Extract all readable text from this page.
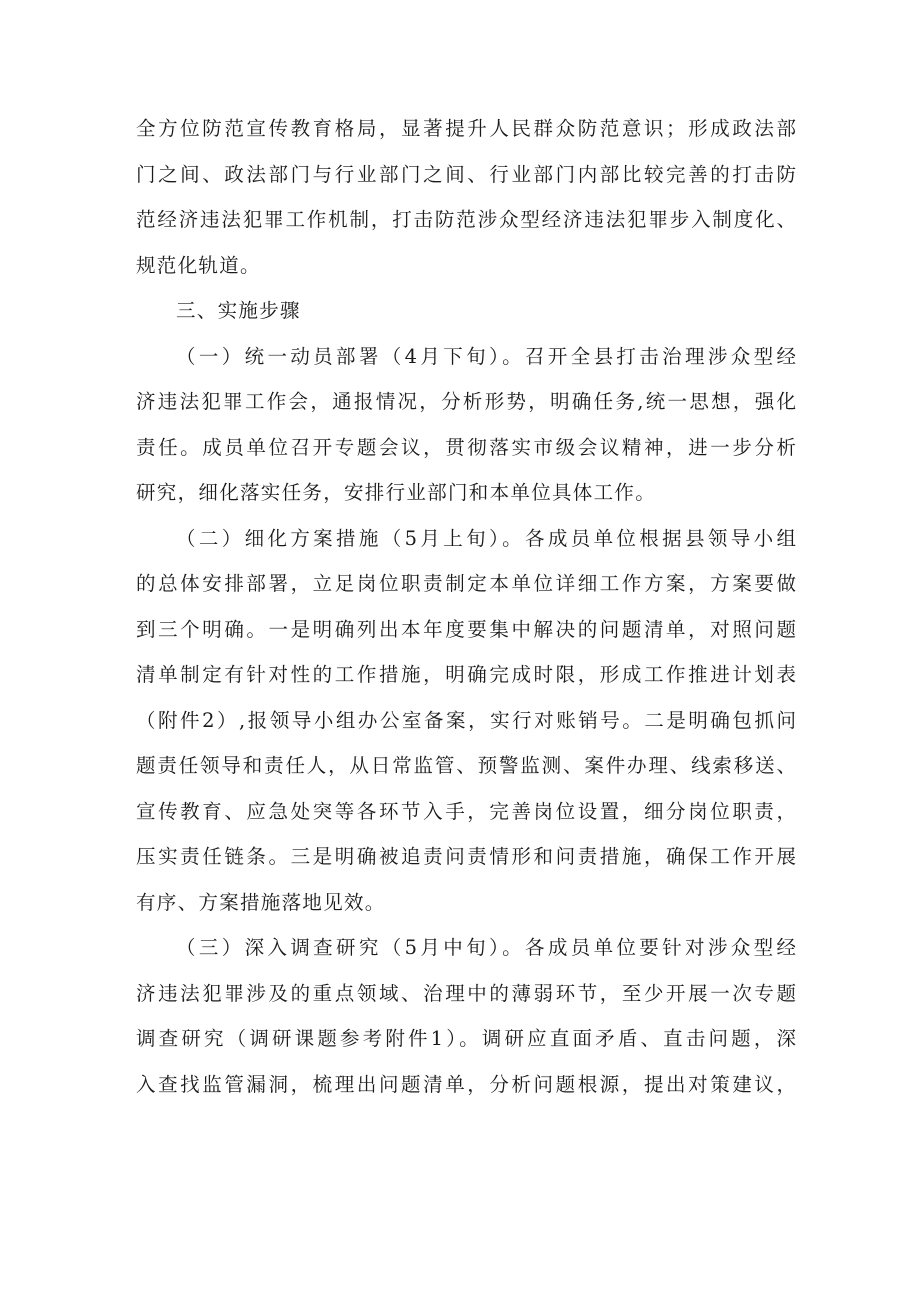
全方位防范宣传教育格局，显著提升人民群众防范意识；形成政法部
门之间、政法部门与行业部门之间、行业部门内部比较完善的打击防
范经济违法犯罪工作机制，打击防范涉众型经济违法犯罪步入制度化、
规范化轨道。
三、实施步骤
（一）统一动员部署（4月下旬）。召开全县打击治理涉众型经
济违法犯罪工作会，通报情况，分析形势，明确任务,统一思想，强化
责任。成员单位召开专题会议，贯彻落实市级会议精神，进一步分析
研究，细化落实任务，安排行业部门和本单位具体工作。
（二）细化方案措施（5月上旬）。各成员单位根据县领导小组
的总体安排部署，立足岗位职责制定本单位详细工作方案，方案要做
到三个明确。一是明确列出本年度要集中解决的问题清单，对照问题
清单制定有针对性的工作措施，明确完成时限，形成工作推进计划表
（附件2）,报领导小组办公室备案，实行对账销号。二是明确包抓问
题责任领导和责任人，从日常监管、预警监测、案件办理、线索移送、
宣传教育、应急处突等各环节入手，完善岗位设置，细分岗位职责，
压实责任链条。三是明确被追责问责情形和问责措施，确保工作开展
有序、方案措施落地见效。
（三）深入调查研究（5月中旬）。各成员单位要针对涉众型经
济违法犯罪涉及的重点领域、治理中的薄弱环节，至少开展一次专题
调查研究（调研课题参考附件1）。调研应直面矛盾、直击问题，深
入查找监管漏洞，梳理出问题清单，分析问题根源，提出对策建议，
